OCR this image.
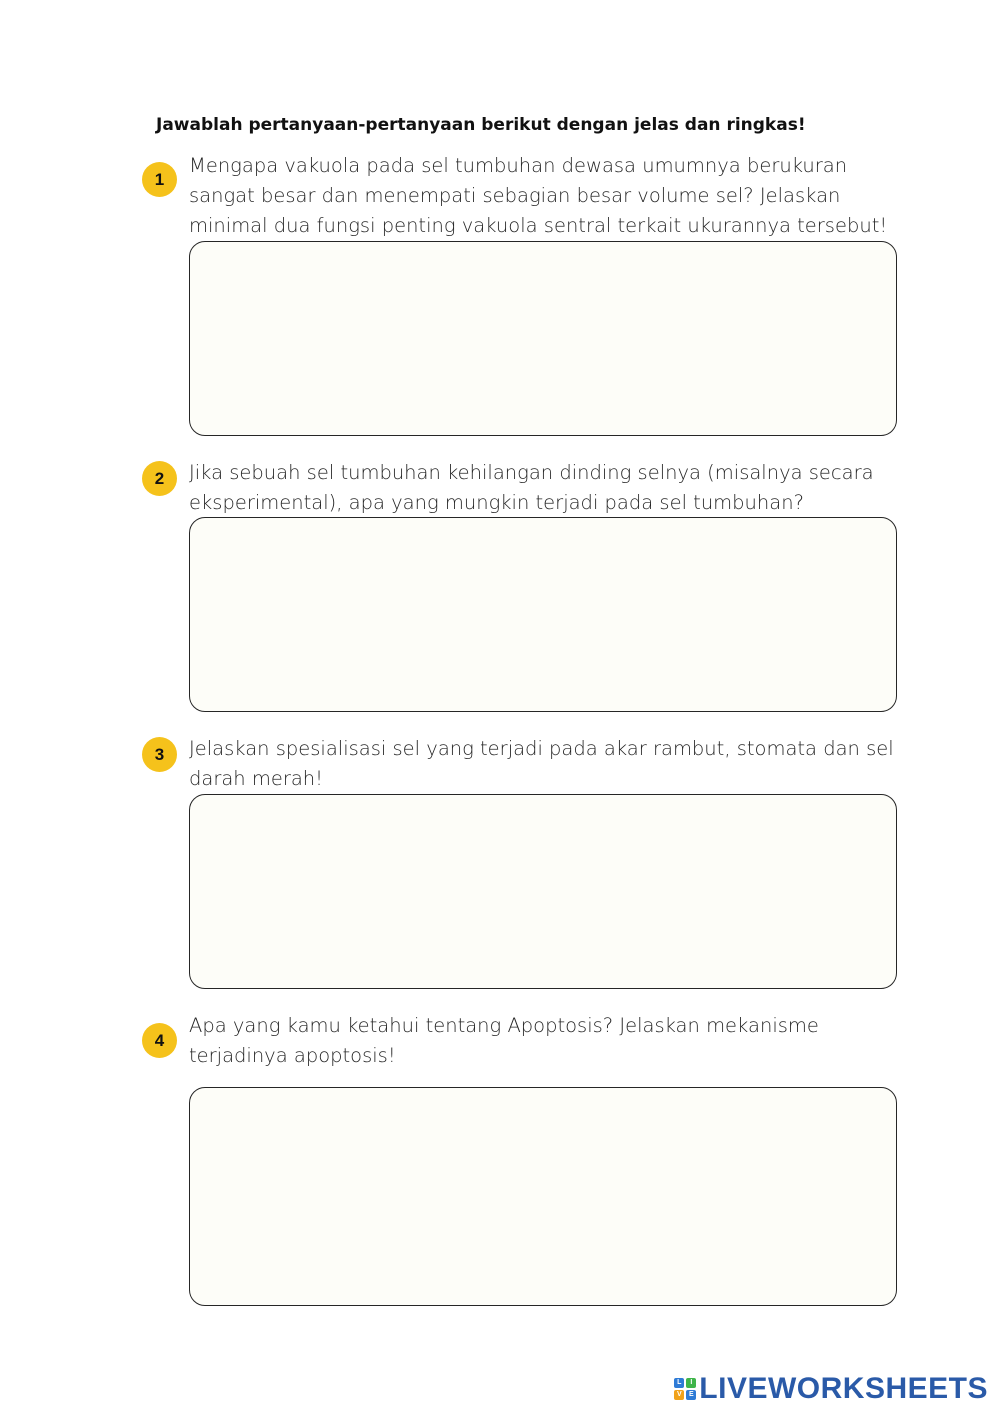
Jawablah pertanyaan-pertanyaan berikut dengan jelas dan ringkas!
1
Mengapa vakuola pada sel tumbuhan dewasa umumnya berukuran
sangat besar dan menempati sebagian besar volume sel? Jelaskan
minimal dua fungsi penting vakuola sentral terkait ukurannya tersebut!
2	Jika sebuah sel tumbuhan kehilangan dinding selnya (misalnya secara
eksperimental), apa yang mungkin terjadi pada sel tumbuhan?
3	Jelaskan spesialisasi sel yang terjadi pada akar rambut, stomata dan sel
darah merah!
4
Apa yang kamu ketahui tentang Apoptosis? Jelaskan mekanisme
terjadinya apoptosis!
L	I
V	E LIVEWORKSHEETS
